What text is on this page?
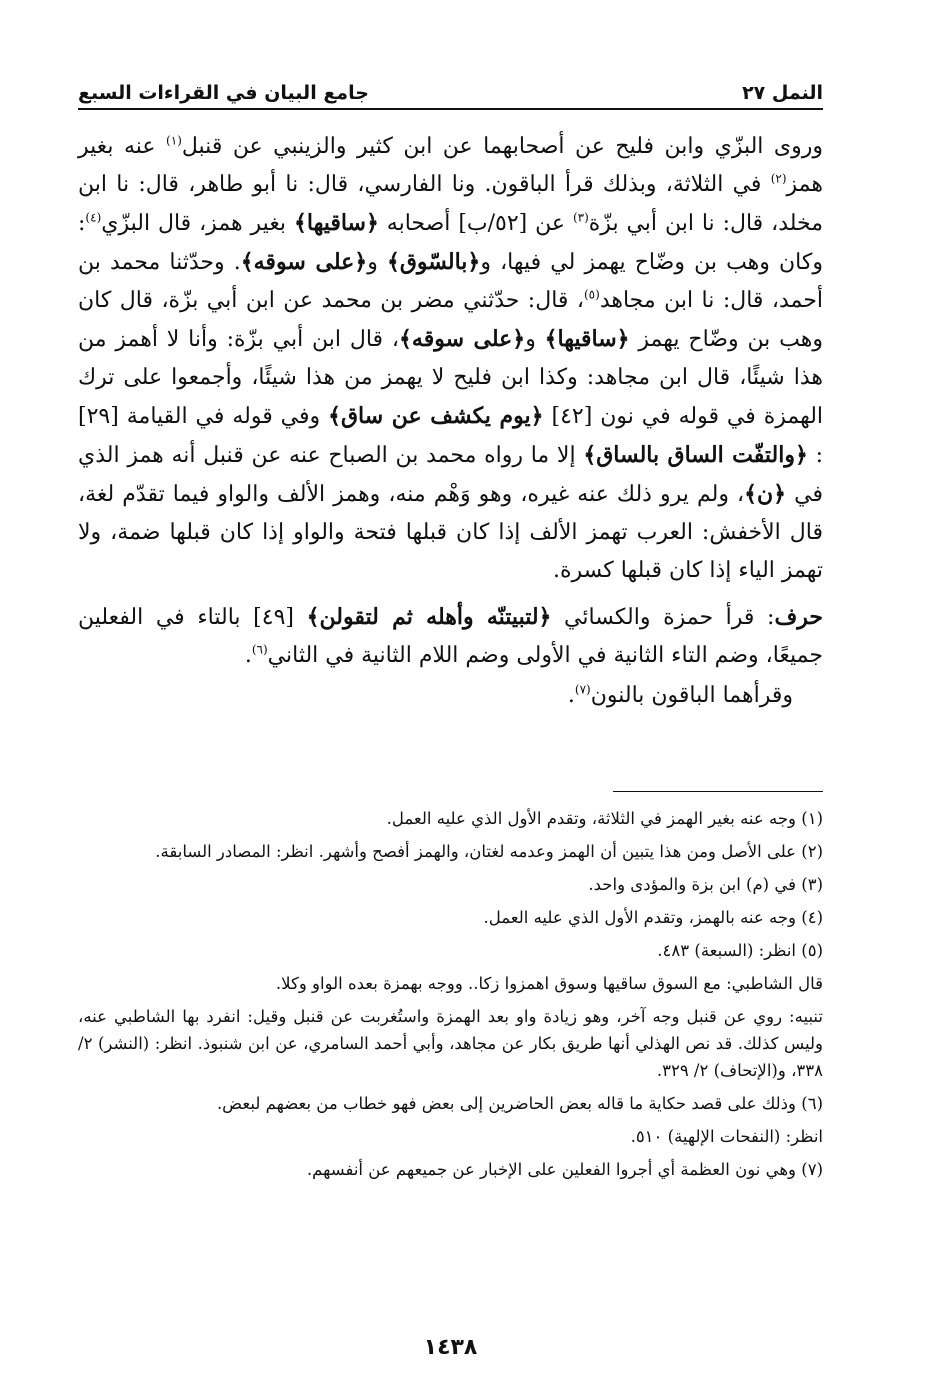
النمل ٢٧
جامع البيان في القراءات السبع

وروى البزّي وابن فليح عن أصحابهما عن ابن كثير والزينبي عن قنبل$^{(١)}$ عنه بغير همز$^{(٢)}$ في الثلاثة، وبذلك قرأ الباقون. ونا الفارسي، قال: نا أبو طاهر، قال: نا ابن مخلد، قال: نا ابن أبي بزّة$^{(٣)}$ عن [٥٢/ب] أصحابه ﴿ساقيها﴾ بغير همز، قال البزّي$^{(٤)}$: وكان وهب بن وضّاح يهمز لي فيها، و﴿بالسّوق﴾ و﴿على سوقه﴾. وحدّثنا محمد بن أحمد، قال: نا ابن مجاهد$^{(٥)}$، قال: حدّثني مضر بن محمد عن ابن أبي بزّة، قال كان وهب بن وضّاح يهمز ﴿ساقيها﴾ و﴿على سوقه﴾، قال ابن أبي بزّة: وأنا لا أهمز من هذا شيئًا، قال ابن مجاهد: وكذا ابن فليح لا يهمز من هذا شيئًا، وأجمعوا على ترك الهمزة في قوله في نون [٤٢] ﴿يوم يكشف عن ساق﴾ وفي قوله في القيامة [٢٩] : ﴿والتفّت الساق بالساق﴾ إلا ما رواه محمد بن الصباح عنه عن قنبل أنه همز الذي في ﴿ن﴾، ولم يرو ذلك عنه غيره، وهو وَهْم منه، وهمز الألف والواو فيما تقدّم لغة، قال الأخفش: العرب تهمز الألف إذا كان قبلها فتحة والواو إذا كان قبلها ضمة، ولا تهمز الياء إذا كان قبلها كسرة.

حرف: قرأ حمزة والكسائي ﴿لتبيتنّه وأهله ثم لتقولن﴾ [٤٩] بالتاء في الفعلين جميعًا، وضم التاء الثانية في الأولى وضم اللام الثانية في الثاني$^{(٦)}$.

وقرأهما الباقون بالنون$^{(٧)}$.

(١) وجه عنه بغير الهمز في الثلاثة، وتقدم الأول الذي عليه العمل.

(٢) على الأصل ومن هذا يتبين أن الهمز وعدمه لغتان، والهمز أفصح وأشهر. انظر: المصادر السابقة.

(٣) في (م) ابن بزة والمؤدى واحد.

(٤) وجه عنه بالهمز، وتقدم الأول الذي عليه العمل.

(٥) انظر: (السبعة) ٤٨٣.

قال الشاطبي: مع السوق ساقيها وسوق اهمزوا زكا.. ووجه بهمزة بعده الواو وكلا.

تنبيه: روي عن قنبل وجه آخر، وهو زيادة واو بعد الهمزة واستُغربت عن قنبل وقيل: انفرد بها الشاطبي عنه، وليس كذلك. قد نص الهذلي أنها طريق بكار عن مجاهد، وأبي أحمد السامري، عن ابن شنبوذ. انظر: (النشر) ٢/ ٣٣٨، و(الإتحاف) ٢/ ٣٢٩.

(٦) وذلك على قصد حكاية ما قاله بعض الحاضرين إلى بعض فهو خطاب من بعضهم لبعض.

انظر: (النفحات الإلهية) ٥١٠.

(٧) وهي نون العظمة أي أجروا الفعلين على الإخبار عن جميعهم عن أنفسهم.

١٤٣٨
